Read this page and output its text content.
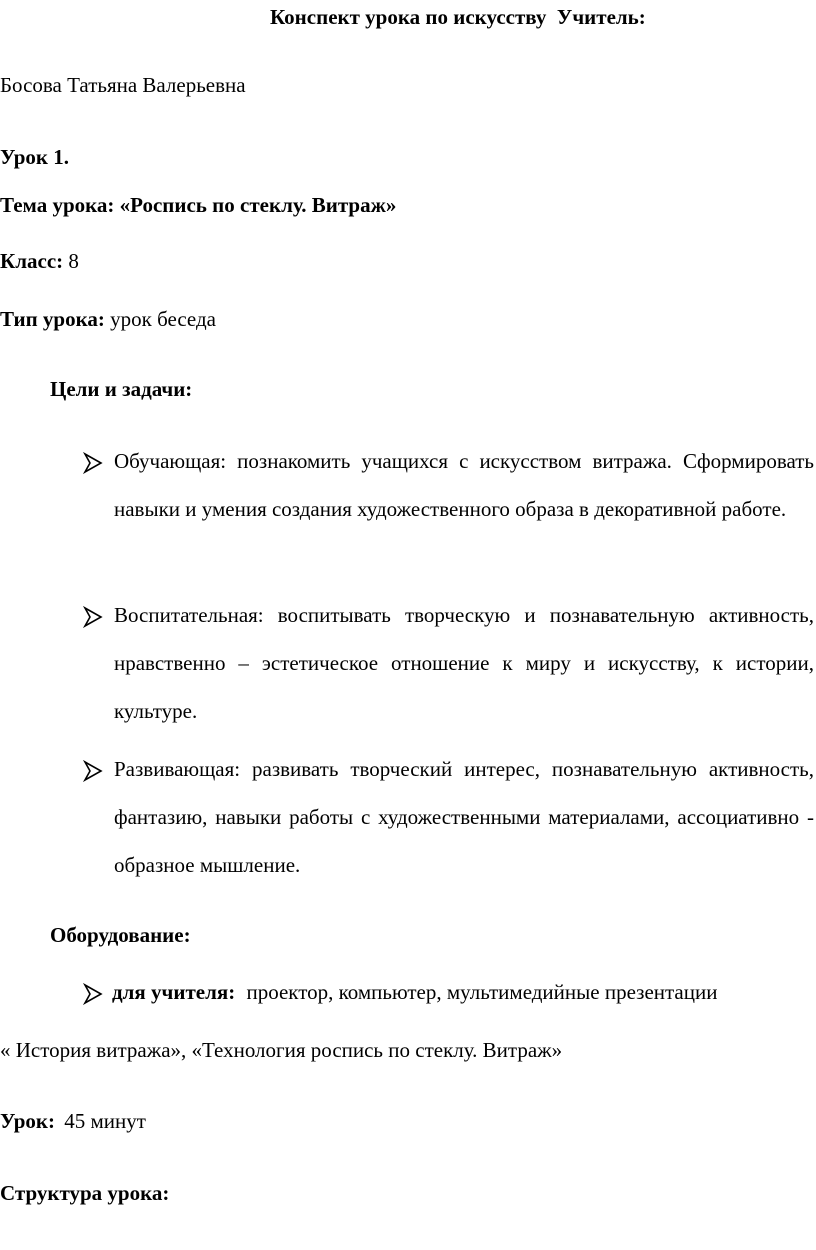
Конспект урока по искусству  Учитель:
Босова Татьяна Валерьевна
Урок 1.
Тема урока: «Роспись по стеклу. Витраж»
Класс: 8
Тип урока: урок беседа
Цели и задачи:
Обучающая: познакомить учащихся с искусством витража. Сформировать навыки и умения создания художественного образа в декоративной работе.
Воспитательная: воспитывать творческую и познавательную активность, нравственно – эстетическое отношение к миру и искусству, к истории, культуре.
Развивающая: развивать творческий интерес, познавательную активность, фантазию, навыки работы с художественными материалами, ассоциативно - образное мышление.
Оборудование:
для учителя: проектор, компьютер, мультимедийные презентации
« История витража», «Технология роспись по стеклу. Витраж»
Урок: 45 минут
Структура урока:
